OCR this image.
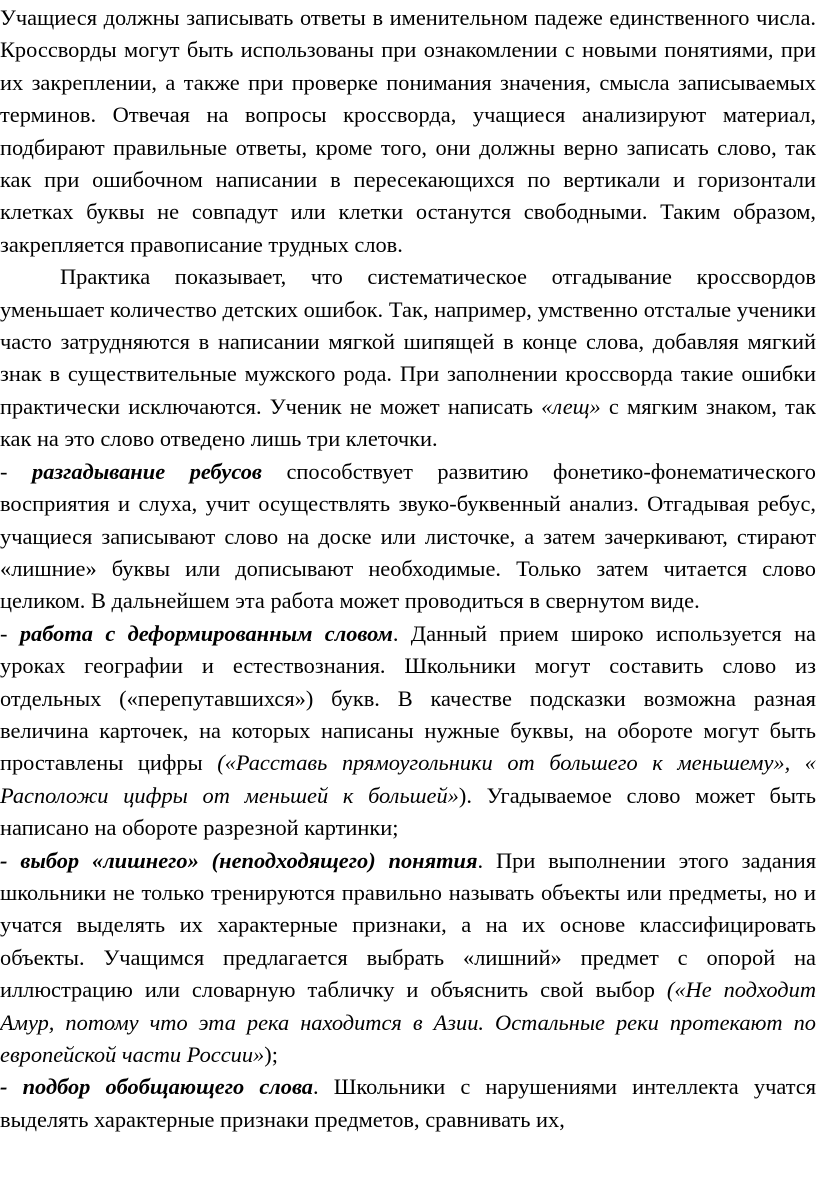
Учащиеся должны записывать ответы в именительном падеже единственного числа. Кроссворды могут быть использованы при ознакомлении с новыми понятиями, при их закреплении, а также при проверке понимания значения, смысла записываемых терминов. Отвечая на вопросы кроссворда, учащиеся анализируют материал, подбирают правильные ответы, кроме того, они должны верно записать слово, так как при ошибочном написании в пересекающихся по вертикали и горизонтали клетках буквы не совпадут или клетки останутся свободными. Таким образом, закрепляется правописание трудных слов.
Практика показывает, что систематическое отгадывание кроссвордов уменьшает количество детских ошибок. Так, например, умственно отсталые ученики часто затрудняются в написании мягкой шипящей в конце слова, добавляя мягкий знак в существительные мужского рода. При заполнении кроссворда такие ошибки практически исключаются. Ученик не может написать «лещ» с мягким знаком, так как на это слово отведено лишь три клеточки.
- разгадывание ребусов способствует развитию фонетико-фонематического восприятия и слуха, учит осуществлять звуко-буквенный анализ. Отгадывая ребус, учащиеся записывают слово на доске или листочке, а затем зачеркивают, стирают «лишние» буквы или дописывают необходимые. Только затем читается слово целиком. В дальнейшем эта работа может проводиться в свернутом виде.
- работа с деформированным словом. Данный прием широко используется на уроках географии и естествознания. Школьники могут составить слово из отдельных («перепутавшихся») букв. В качестве подсказки возможна разная величина карточек, на которых написаны нужные буквы, на обороте могут быть проставлены цифры («Расставь прямоугольники от большего к меньшему», « Расположи цифры от меньшей к большей»). Угадываемое слово может быть написано на обороте разрезной картинки;
- выбор «лишнего» (неподходящего) понятия. При выполнении этого задания школьники не только тренируются правильно называть объекты или предметы, но и учатся выделять их характерные признаки, а на их основе классифицировать объекты. Учащимся предлагается выбрать «лишний» предмет с опорой на иллюстрацию или словарную табличку и объяснить свой выбор («Не подходит Амур, потому что эта река находится в Азии. Остальные реки протекают по европейской части России»);
- подбор обобщающего слова. Школьники с нарушениями интеллекта учатся выделять характерные признаки предметов, сравнивать их,
